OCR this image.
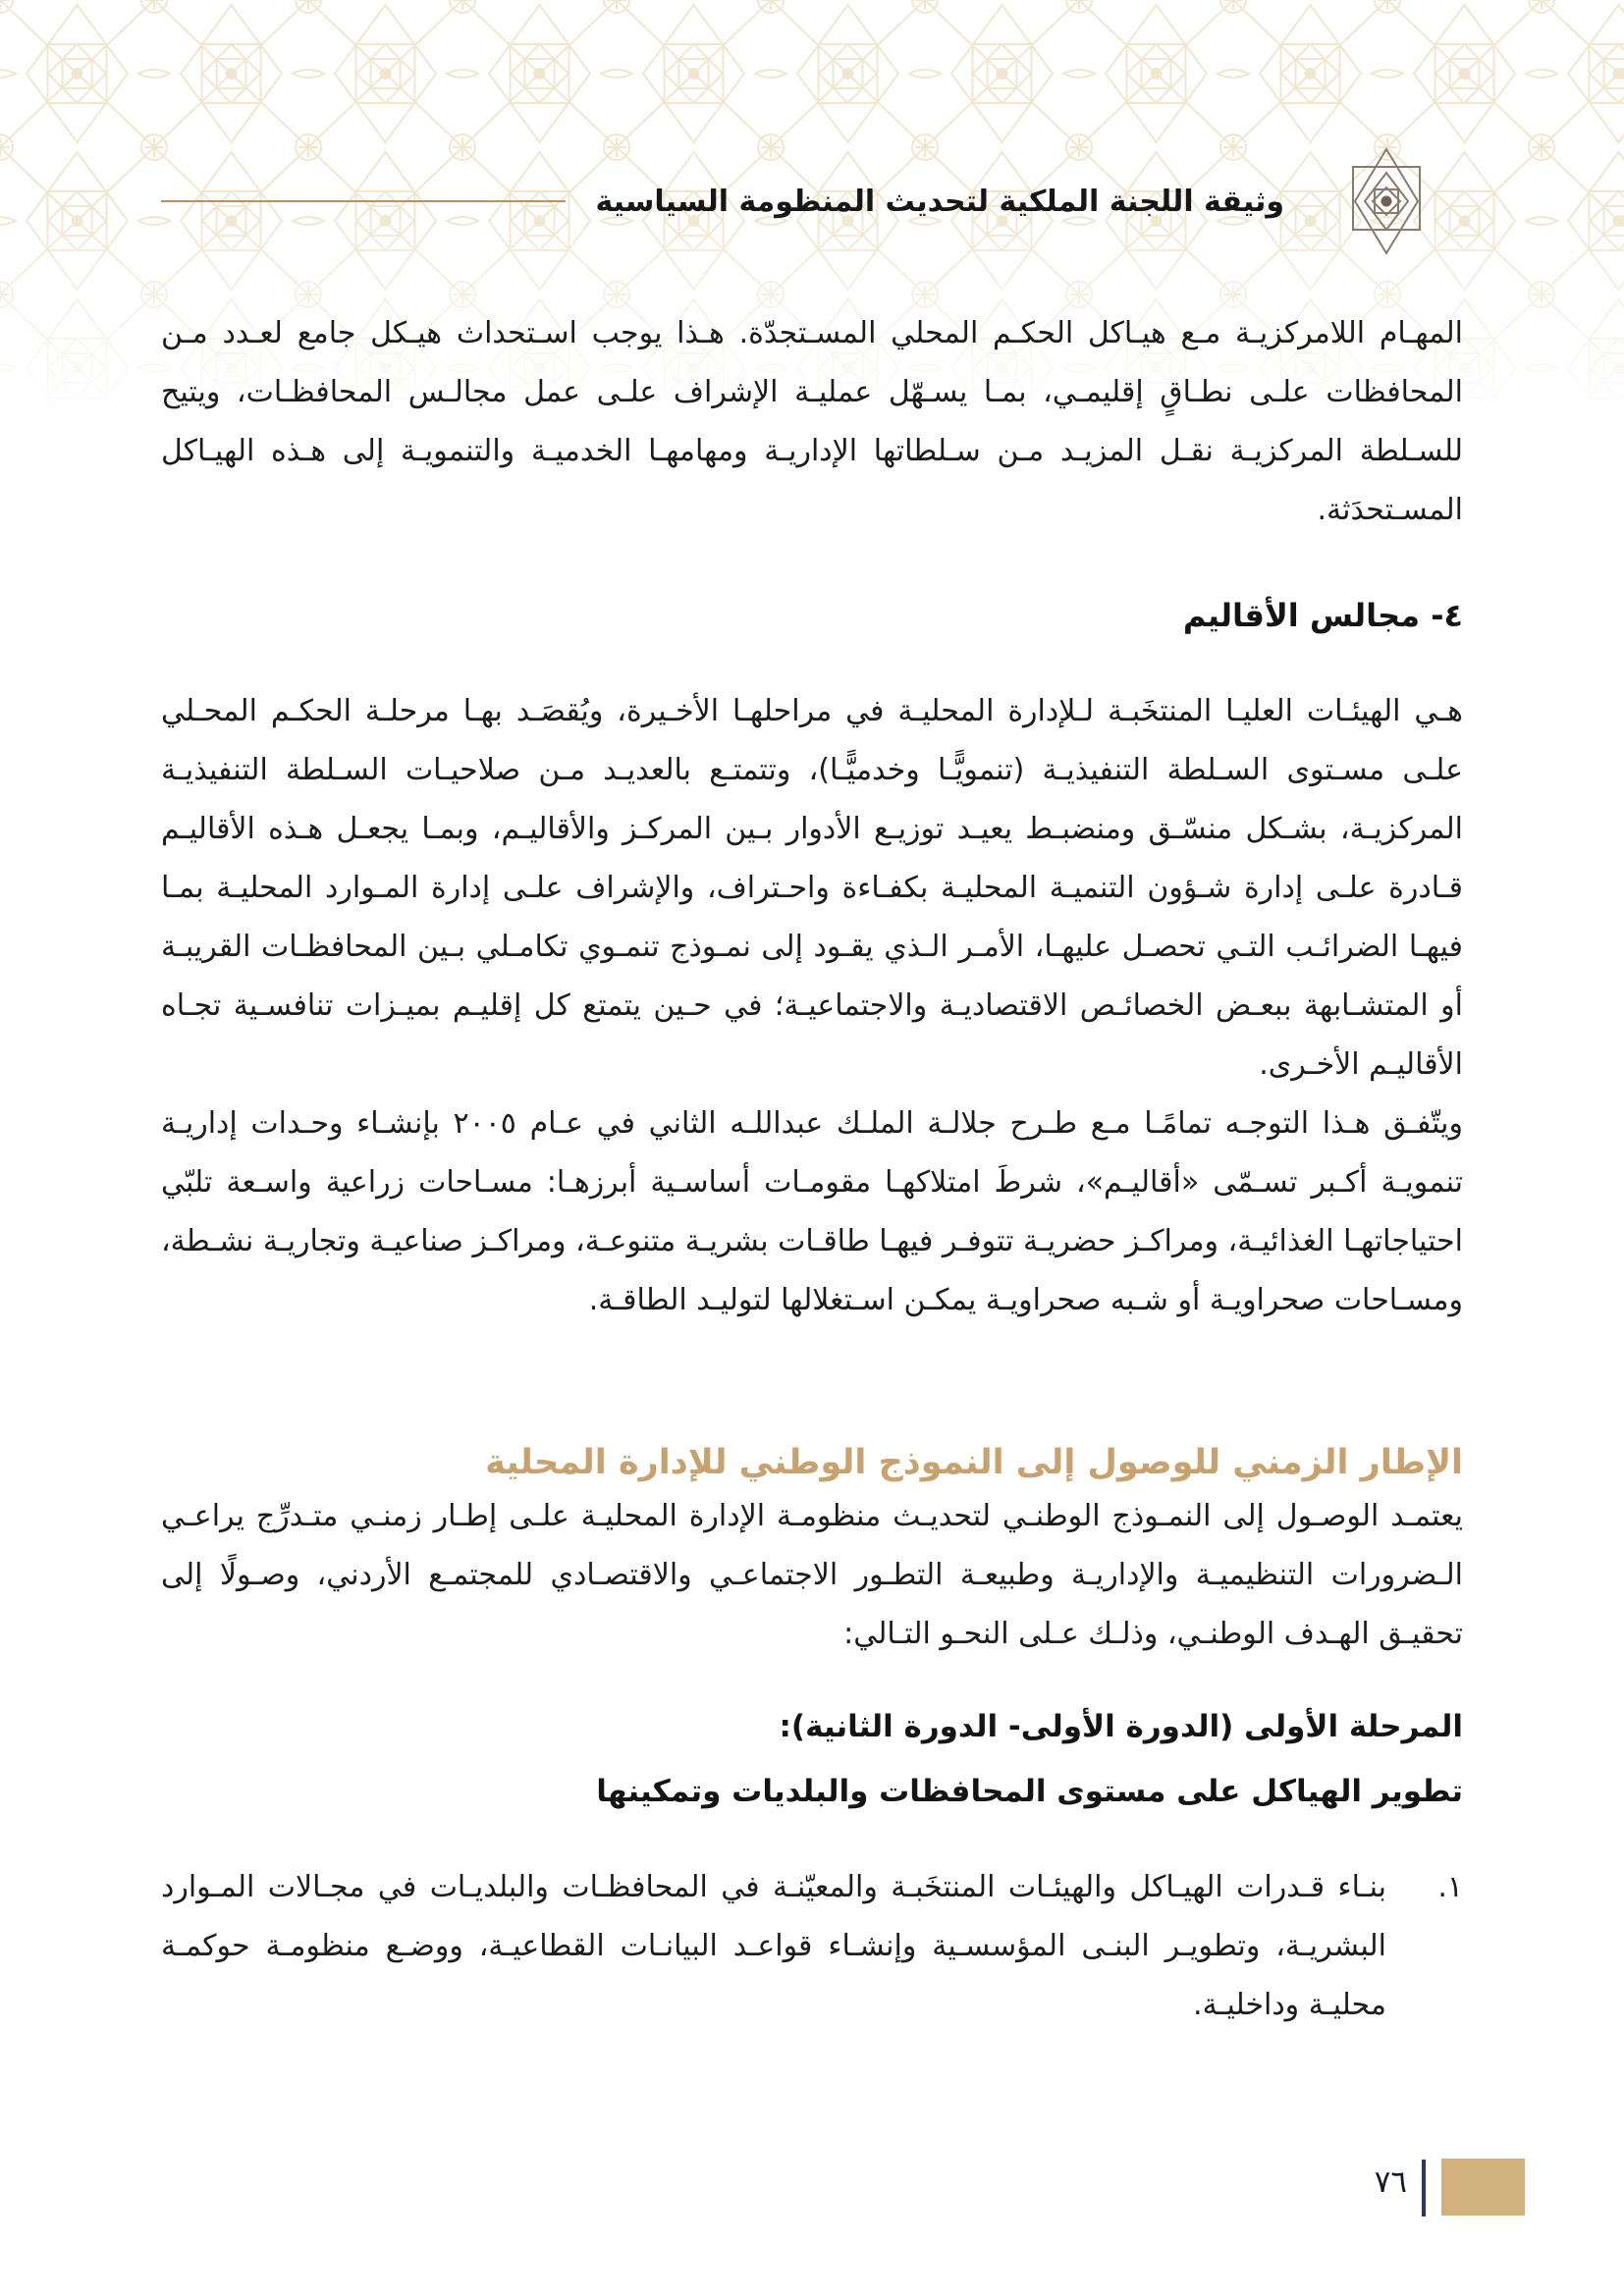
وثيقة اللجنة الملكية لتحديث المنظومة السياسية

المهـام اللامركزيـة مـع هيـاكل الحكـم المحلي المسـتجدّة. هـذا يوجب اسـتحداث هيـكل جامع لعـدد مـن المحافظات علـى نطـاقٍ إقليمـي، بمـا يسـهّل عمليـة الإشراف علـى عمل مجالـس المحافظـات، ويتيح للسـلطة المركزيـة نقـل المزيـد مـن سـلطاتها الإداريـة ومهامهـا الخدميـة والتنمويـة إلى هـذه الهيـاكل المسـتحدَثة.

٤- مجالس الأقاليم

هـي الهيئـات العليـا المنتخَبـة لـلإدارة المحليـة في مراحلهـا الأخـيرة، ويُقصَـد بهـا مرحلـة الحكـم المحـلي علـى مسـتوى السـلطة التنفيذيـة (تنمويًّـا وخدميًّـا)، وتتمتـع بالعديـد مـن صلاحيـات السـلطة التنفيذيـة المركزيـة، بشـكل منسّـق ومنضبـط يعيـد توزيـع الأدوار بـين المركـز والأقاليـم، وبمـا يجعـل هـذه الأقاليـم قـادرة علـى إدارة شـؤون التنميـة المحليـة بكفـاءة واحـتراف، والإشراف علـى إدارة المـوارد المحليـة بمـا فيهـا الضرائـب التـي تحصـل عليهـا، الأمـر الـذي يقـود إلى نمـوذج تنمـوي تكامـلي بـين المحافظـات القريبـة أو المتشـابهة ببعـض الخصائـص الاقتصاديـة والاجتماعيـة؛ في حـين يتمتع كل إقليـم بميـزات تنافسـية تجـاه الأقاليـم الأخـرى.

ويتّفـق هـذا التوجـه تمامًـا مـع طـرح جلالـة الملـك عبداللـه الثاني في عـام ٢٠٠٥ بإنشـاء وحـدات إداريـة تنمويـة أكـبر تسـمّى «أقاليـم»، شرطَ امتلاكهـا مقومـات أساسـية أبرزهـا: مسـاحات زراعية واسـعة تلبّي احتياجاتهـا الغذائيـة، ومراكـز حضريـة تتوفـر فيهـا طاقـات بشريـة متنوعـة، ومراكـز صناعيـة وتجاريـة نشـطة، ومسـاحات صحراويـة أو شـبه صحراويـة يمكـن اسـتغلالها لتوليـد الطاقـة.

الإطار الزمني للوصول إلى النموذج الوطني للإدارة المحلية

يعتمـد الوصـول إلى النمـوذج الوطنـي لتحديـث منظومـة الإدارة المحليـة علـى إطـار زمنـي متـدرِّج يراعـي الـضرورات التنظيميـة والإداريـة وطبيعـة التطـور الاجتماعـي والاقتصـادي للمجتمـع الأردني، وصـولًا إلى تحقيـق الهـدف الوطنـي، وذلـك عـلى النحـو التـالي:

المرحلة الأولى (الدورة الأولى- الدورة الثانية):
تطوير الهياكل على مستوى المحافظات والبلديات وتمكينها
١.
بنـاء قـدرات الهيـاكل والهيئـات المنتخَبـة والمعيّنـة في المحافظـات والبلديـات في مجـالات المـوارد البشريـة، وتطويـر البنـى المؤسسـية وإنشـاء قواعـد البيانـات القطاعيـة، ووضـع منظومـة حوكمـة محليـة وداخليـة.
٧٦
